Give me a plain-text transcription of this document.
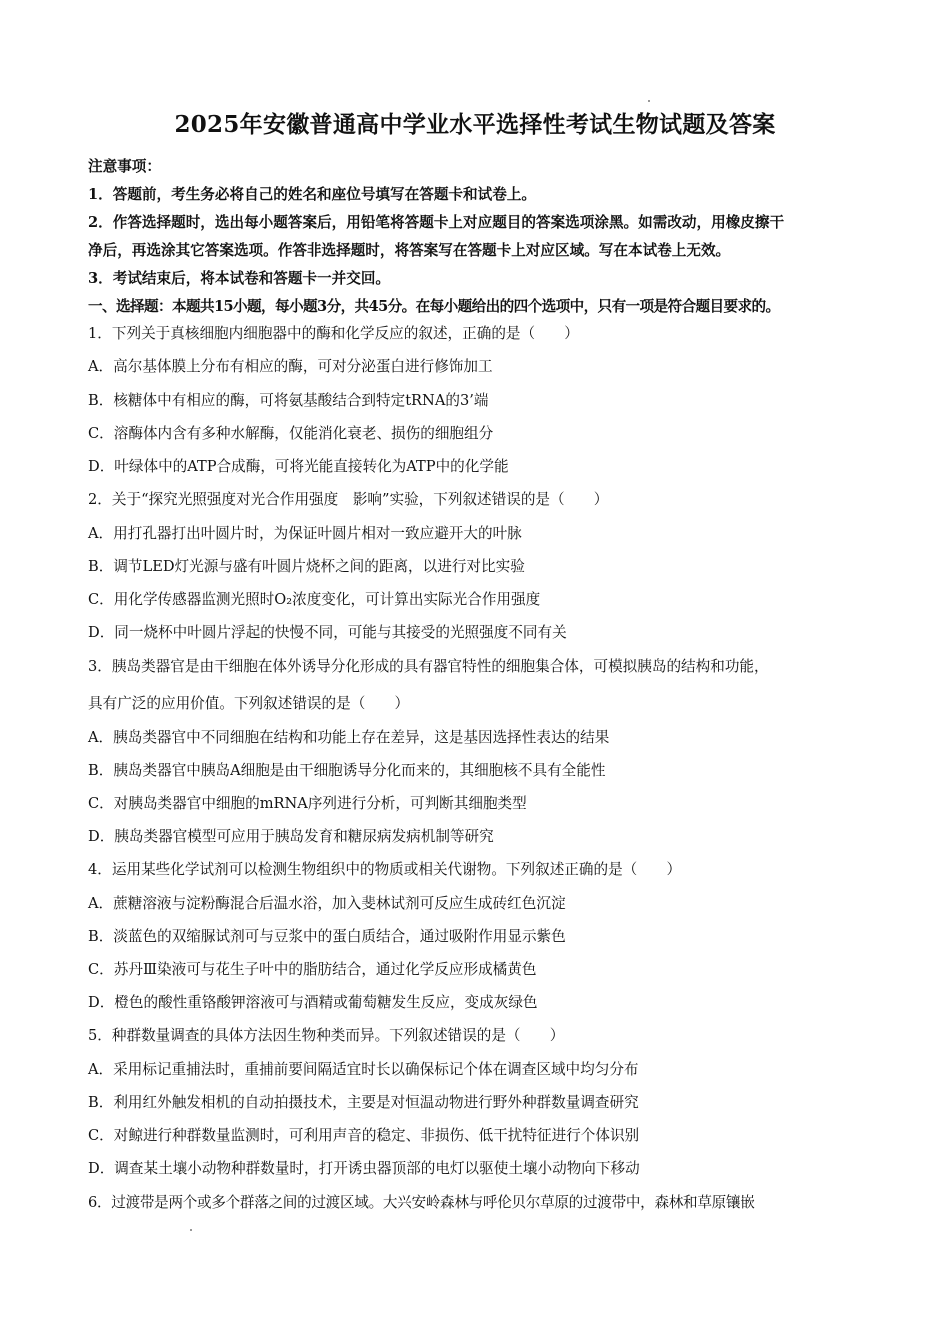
2025年安徽普通高中学业水平选择性考试生物试题及答案
注意事项：
1．答题前，考生务必将自己的姓名和座位号填写在答题卡和试卷上。
2．作答选择题时，选出每小题答案后，用铅笔将答题卡上对应题目的答案选项涂黑。如需改动，用橡皮擦干
净后，再选涂其它答案选项。作答非选择题时，将答案写在答题卡上对应区域。写在本试卷上无效。
3．考试结束后，将本试卷和答题卡一并交回。
一、选择题：本题共15小题，每小题3分，共45分。在每小题给出的四个选项中，只有一项是符合题目要求的。
1．下列关于真核细胞内细胞器中的酶和化学反应的叙述，正确的是（　　）
A．高尔基体膜上分布有相应的酶，可对分泌蛋白进行修饰加工
B．核糖体中有相应的酶，可将氨基酸结合到特定tRNA的3’端
C．溶酶体内含有多种水解酶，仅能消化衰老、损伤的细胞组分
D．叶绿体中的ATP合成酶，可将光能直接转化为ATP中的化学能
2．关于“探究光照强度对光合作用强度　影响”实验，下列叙述错误的是（　　）
A．用打孔器打出叶圆片时，为保证叶圆片相对一致应避开大的叶脉
B．调节LED灯光源与盛有叶圆片烧杯之间的距离，以进行对比实验
C．用化学传感器监测光照时O₂浓度变化，可计算出实际光合作用强度
D．同一烧杯中叶圆片浮起的快慢不同，可能与其接受的光照强度不同有关
3．胰岛类器官是由干细胞在体外诱导分化形成的具有器官特性的细胞集合体，可模拟胰岛的结构和功能，
具有广泛的应用价值。下列叙述错误的是（　　）
A．胰岛类器官中不同细胞在结构和功能上存在差异，这是基因选择性表达的结果
B．胰岛类器官中胰岛A细胞是由干细胞诱导分化而来的，其细胞核不具有全能性
C．对胰岛类器官中细胞的mRNA序列进行分析，可判断其细胞类型
D．胰岛类器官模型可应用于胰岛发育和糖尿病发病机制等研究
4．运用某些化学试剂可以检测生物组织中的物质或相关代谢物。下列叙述正确的是（　　）
A．蔗糖溶液与淀粉酶混合后温水浴，加入斐林试剂可反应生成砖红色沉淀
B．淡蓝色的双缩脲试剂可与豆浆中的蛋白质结合，通过吸附作用显示紫色
C．苏丹Ⅲ染液可与花生子叶中的脂肪结合，通过化学反应形成橘黄色
D．橙色的酸性重铬酸钾溶液可与酒精或葡萄糖发生反应，变成灰绿色
5．种群数量调查的具体方法因生物种类而异。下列叙述错误的是（　　）
A．采用标记重捕法时，重捕前要间隔适宜时长以确保标记个体在调查区域中均匀分布
B．利用红外触发相机的自动拍摄技术，主要是对恒温动物进行野外种群数量调查研究
C．对鲸进行种群数量监测时，可利用声音的稳定、非损伤、低干扰特征进行个体识别
D．调查某土壤小动物种群数量时，打开诱虫器顶部的电灯以驱使土壤小动物向下移动
6．过渡带是两个或多个群落之间的过渡区域。大兴安岭森林与呼伦贝尔草原的过渡带中，森林和草原镶嵌
